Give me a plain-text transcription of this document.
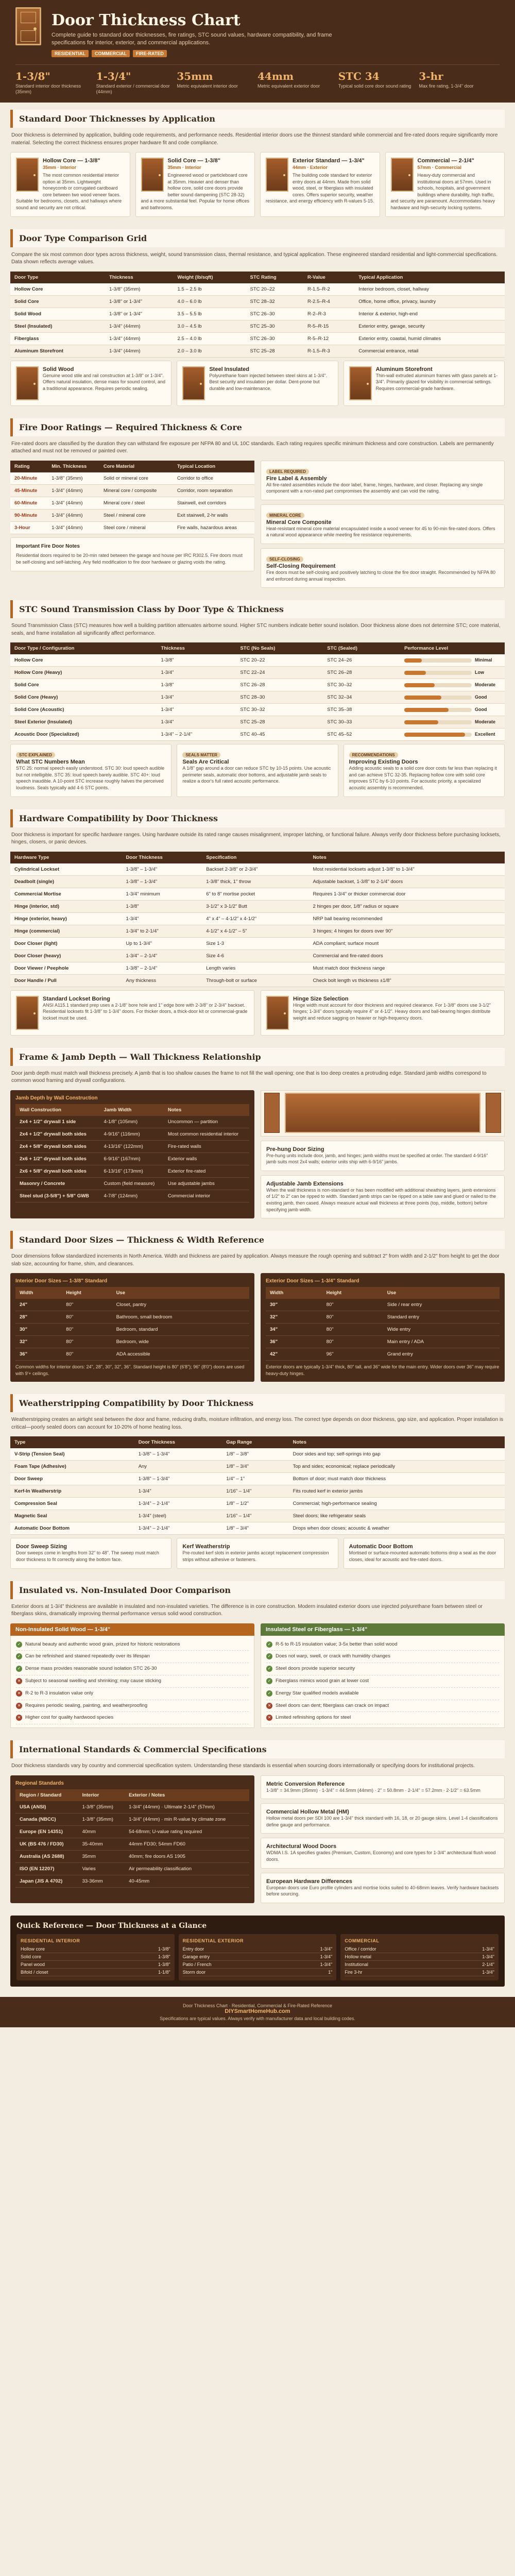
Door Thickness Chart
Complete guide to standard door thicknesses, fire ratings, STC sound values, hardware compatibility, and frame specifications for interior, exterior, and commercial applications.
RESIDENTIAL	COMMERCIAL	FIRE-RATED
1-3/8"
Standard interior door thickness (35mm)
1-3/4"
Standard exterior / commercial door (44mm)
35mm
Metric equivalent interior door
44mm
Metric equivalent exterior door
STC 34
Typical solid core door sound rating
3-hr
Max fire rating, 1-3/4" door
Standard Door Thicknesses by Application
Door thickness is determined by application, building code requirements, and performance needs. Residential interior doors use the thinnest standard while commercial and fire-rated doors require significantly more material. Selecting the correct thickness ensures proper hardware fit and code compliance.
Hollow Core — 1-3/8"
35mm · Interior

The most common residential interior option at 35mm. Lightweight honeycomb or corrugated cardboard core between two wood veneer faces. Suitable for bedrooms, closets, and hallways where sound and security are not critical.

Solid Core — 1-3/8"
35mm · Interior

Engineered wood or particleboard core at 35mm. Heavier and denser than hollow core, solid core doors provide better sound dampening (STC 28-32) and a more substantial feel. Popular for home offices and bathrooms.

Exterior Standard — 1-3/4"
44mm · Exterior

The building code standard for exterior entry doors at 44mm. Made from solid wood, steel, or fiberglass with insulated cores. Offers superior security, weather resistance, and energy efficiency with R-values 5-15.

Commercial — 2-1/4"
57mm · Commercial

Heavy-duty commercial and institutional doors at 57mm. Used in schools, hospitals, and government buildings where durability, high traffic, and security are paramount. Accommodates heavy hardware and high-security locking systems.

Door Type Comparison Grid
Compare the six most common door types across thickness, weight, sound transmission class, thermal resistance, and typical application. These engineered standard residential and light-commercial specifications. Data shown reflects average values.
Door Type	Thickness	Weight (lb/sqft)	STC Rating	R-Value	Typical Application
Hollow Core	1-3/8" (35mm)	1.5 – 2.5 lb	STC 20–22	R-1.5–R-2	Interior bedroom, closet, hallway
Solid Core	1-3/8" or 1-3/4"	4.0 – 6.0 lb	STC 28–32	R-2.5–R-4	Office, home office, privacy, laundry
Solid Wood	1-3/8" or 1-3/4"	3.5 – 5.5 lb	STC 26–30	R-2–R-3	Interior & exterior, high-end
Steel (Insulated)	1-3/4" (44mm)	3.0 – 4.5 lb	STC 25–30	R-5–R-15	Exterior entry, garage, security
Fiberglass	1-3/4" (44mm)	2.5 – 4.0 lb	STC 26–30	R-5–R-12	Exterior entry, coastal, humid climates
Aluminum Storefront	1-3/4" (44mm)	2.0 – 3.0 lb	STC 25–28	R-1.5–R-3	Commercial entrance, retail
Solid Wood

Genuine wood stile and rail construction at 1-3/8" or 1-3/4". Offers natural insulation, dense mass for sound control, and a traditional appearance. Requires periodic sealing.

Steel Insulated

Polyurethane foam injected between steel skins at 1-3/4". Best security and insulation per dollar. Dent-prone but durable and low-maintenance.

Aluminum Storefront

Thin-wall extruded aluminum frames with glass panels at 1-3/4". Primarily glazed for visibility in commercial settings. Requires commercial-grade hardware.

Fire Door Ratings — Required Thickness & Core
Fire-rated doors are classified by the duration they can withstand fire exposure per NFPA 80 and UL 10C standards. Each rating requires specific minimum thickness and core construction. Labels are permanently attached and must not be removed or painted over.
Rating	Min. Thickness	Core Material	Typical Location
20-Minute	1-3/8" (35mm)	Solid or mineral core	Corridor to office
45-Minute	1-3/4" (44mm)	Mineral core / composite	Corridor, room separation
60-Minute	1-3/4" (44mm)	Mineral core / steel	Stairwell, exit corridors
90-Minute	1-3/4" (44mm)	Steel / mineral core	Exit stairwell, 2-hr walls
3-Hour	1-3/4" (44mm)	Steel core / mineral	Fire walls, hazardous areas
Important Fire Door Notes
Residential doors required to be 20-min rated between the garage and house per IRC R302.5. Fire doors must be self-closing and self-latching. Any field modification to fire door hardware or glazing voids the rating.
LABEL REQUIRED
Fire Label & Assembly

All fire-rated assemblies include the door label, frame, hinges, hardware, and closer. Replacing any single component with a non-rated part compromises the assembly and can void the rating.

MINERAL CORE
Mineral Core Composite

Heat-resistant mineral core material encapsulated inside a wood veneer for 45 to 90-min fire-rated doors. Offers a natural wood appearance while meeting fire resistance requirements.

SELF-CLOSING
Self-Closing Requirement

Fire doors must be self-closing and positively latching to close the fire door straight. Recommended by NFPA 80 and enforced during annual inspection.

STC Sound Transmission Class by Door Type & Thickness
Sound Transmission Class (STC) measures how well a building partition attenuates airborne sound. Higher STC numbers indicate better sound isolation. Door thickness alone does not determine STC; core material, seals, and frame installation all significantly affect performance.
Door Type / Configuration	Thickness	STC (No Seals)	STC (Sealed)	Performance Level
Hollow Core	1-3/8"	STC 20–22	STC 24–26	Minimal

Hollow Core (Heavy)	1-3/4"	STC 22–24	STC 26–28	Low

Solid Core	1-3/8"	STC 26–28	STC 30–32	Moderate

Solid Core (Heavy)	1-3/4"	STC 28–30	STC 32–34	Good

Solid Core (Acoustic)	1-3/4"	STC 30–32	STC 35–38	Good

Steel Exterior (Insulated)	1-3/4"	STC 25–28	STC 30–33	Moderate

Acoustic Door (Specialized)	1-3/4" – 2-1/4"	STC 40–45	STC 45–52	Excellent
STC EXPLAINED
What STC Numbers Mean

STC 25: normal speech easily understood. STC 30: loud speech audible but not intelligible. STC 35: loud speech barely audible. STC 40+: loud speech inaudible. A 10-point STC increase roughly halves the perceived loudness. Seals typically add 4-6 STC points.

SEALS MATTER
Seals Are Critical

A 1/8" gap around a door can reduce STC by 10-15 points. Use acoustic perimeter seals, automatic door bottoms, and adjustable jamb seals to realize a door's full rated acoustic performance.

RECOMMENDATIONS
Improving Existing Doors

Adding acoustic seals to a solid core door costs far less than replacing it and can achieve STC 32-35. Replacing hollow core with solid core improves STC by 6-10 points. For acoustic priority, a specialized acoustic assembly is recommended.

Hardware Compatibility by Door Thickness
Door thickness is important for specific hardware ranges. Using hardware outside its rated range causes misalignment, improper latching, or functional failure. Always verify door thickness before purchasing locksets, hinges, closers, or panic devices.
Hardware Type	Door Thickness	Specification	Notes
Cylindrical Lockset	1-3/8" – 1-3/4"	Backset 2-3/8" or 2-3/4"	Most residential locksets adjust 1-3/8" to 1-3/4"
Deadbolt (single)	1-3/8" – 1-3/4"	1-3/8" thick, 1" throw	Adjustable backset, 1-3/8" to 2-1/4" doors
Commercial Mortise	1-3/4" minimum	6" to 8" mortise pocket	Requires 1-3/4" or thicker commercial door
Hinge (interior, std)	1-3/8"	3-1/2" x 3-1/2" Butt	2 hinges per door, 1/8" radius or square
Hinge (exterior, heavy)	1-3/4"	4" x 4" – 4-1/2" x 4-1/2"	NRP ball bearing recommended
Hinge (commercial)	1-3/4" to 2-1/4"	4-1/2" x 4-1/2" – 5"	3 hinges; 4 hinges for doors over 90"
Door Closer (light)	Up to 1-3/4"	Size 1-3	ADA compliant; surface mount
Door Closer (heavy)	1-3/4" – 2-1/4"	Size 4-6	Commercial and fire-rated doors
Door Viewer / Peephole	1-3/8" – 2-1/4"	Length varies	Must match door thickness range
Door Handle / Pull	Any thickness	Through-bolt or surface	Check bolt length vs thickness ±1/8"
Standard Lockset Boring

ANSI A115.1 standard prep uses a 2-1/8" bore hole and 1" edge bore with 2-3/8" or 2-3/4" backset. Residential locksets fit 1-3/8" to 1-3/4" doors. For thicker doors, a thick-door kit or commercial-grade lockset must be used.

Hinge Size Selection

Hinge width must account for door thickness and required clearance. For 1-3/8" doors use 3-1/2" hinges; 1-3/4" doors typically require 4" or 4-1/2". Heavy doors and ball-bearing hinges distribute weight and reduce sagging on heavier or high-frequency doors.

Frame & Jamb Depth — Wall Thickness Relationship
Door jamb depth must match wall thickness precisely. A jamb that is too shallow causes the frame to not fill the wall opening; one that is too deep creates a protruding edge. Standard jamb widths correspond to common wood framing and drywall configurations.
Jamb Depth by Wall Construction
Wall Construction	Jamb Width	Notes
2x4 + 1/2" drywall 1 side	4-1/8" (105mm)	Uncommon — partition
2x4 + 1/2" drywall both sides	4-9/16" (116mm)	Most common residential interior
2x4 + 5/8" drywall both sides	4-13/16" (122mm)	Fire-rated walls
2x6 + 1/2" drywall both sides	6-9/16" (167mm)	Exterior walls
2x6 + 5/8" drywall both sides	6-13/16" (173mm)	Exterior fire-rated
Masonry / Concrete	Custom (field measure)	Use adjustable jambs
Steel stud (3-5/8") + 5/8" GWB	4-7/8" (124mm)	Commercial interior
Pre-hung Door Sizing

Pre-hung units include door, jamb, and hinges; jamb widths must be specified at order. The standard 4-9/16" jamb suits most 2x4 walls; exterior units ship with 6-9/16" jambs.

Adjustable Jamb Extensions

When the wall thickness is non-standard or has been modified with additional sheathing layers, jamb extensions of 1/2" to 2" can be ripped to width. Standard jamb strips can be ripped on a table saw and glued or nailed to the existing jamb, then cased. Always measure actual wall thickness at three points (top, middle, bottom) before specifying jamb width.

Standard Door Sizes — Thickness & Width Reference
Door dimensions follow standardized increments in North America. Width and thickness are paired by application. Always measure the rough opening and subtract 2" from width and 2-1/2" from height to get the door slab size, accounting for frame, shim, and clearances.
Interior Door Sizes — 1-3/8" Standard
Width	Height	Use
24"	80"	Closet, pantry
28"	80"	Bathroom, small bedroom
30"	80"	Bedroom, standard
32"	80"	Bedroom, wide
36"	80"	ADA accessible
Common widths for interior doors: 24", 28", 30", 32", 36". Standard height is 80" (6'8"); 96" (8'0") doors are used with 9'+ ceilings.
Exterior Door Sizes — 1-3/4" Standard
Width	Height	Use
30"	80"	Side / rear entry
32"	80"	Standard entry
34"	80"	Wide entry
36"	80"	Main entry / ADA
42"	96"	Grand entry
Exterior doors are typically 1-3/4" thick, 80" tall, and 36" wide for the main entry. Wider doors over 36" may require heavy-duty hinges.
Weatherstripping Compatibility by Door Thickness
Weatherstripping creates an airtight seal between the door and frame, reducing drafts, moisture infiltration, and energy loss. The correct type depends on door thickness, gap size, and application. Proper installation is critical—poorly sealed doors can account for 10-20% of home heating loss.
Type	Door Thickness	Gap Range	Notes
V-Strip (Tension Seal)	1-3/8" – 1-3/4"	1/8" – 3/8"	Door sides and top; self-springs into gap
Foam Tape (Adhesive)	Any	1/8" – 3/4"	Top and sides; economical; replace periodically
Door Sweep	1-3/8" – 1-3/4"	1/4" – 1"	Bottom of door; must match door thickness
Kerf-In Weatherstrip	1-3/4"	1/16" – 1/4"	Fits routed kerf in exterior jambs
Compression Seal	1-3/4" – 2-1/4"	1/8" – 1/2"	Commercial; high-performance sealing
Magnetic Seal	1-3/4" (steel)	1/16" – 1/4"	Steel doors; like refrigerator seals
Automatic Door Bottom	1-3/4" – 2-1/4"	1/8" – 3/4"	Drops when door closes; acoustic & weather
Door Sweep Sizing

Door sweeps come in lengths from 32" to 48". The sweep must match door thickness to fit correctly along the bottom face.

Kerf Weatherstrip

Pre-routed kerf slots in exterior jambs accept replacement compression strips without adhesive or fasteners.

Automatic Door Bottom

Mortised or surface-mounted automatic bottoms drop a seal as the door closes, ideal for acoustic and fire-rated doors.

Insulated vs. Non-Insulated Door Comparison
Exterior doors at 1-3/4" thickness are available in insulated and non-insulated varieties. The difference is in core construction. Modern insulated exterior doors use injected polyurethane foam between steel or fiberglass skins, dramatically improving thermal performance versus solid wood construction.
Non-Insulated Solid Wood — 1-3/4"
✓ Natural beauty and authentic wood grain, prized for historic restorations
✓ Can be refinished and stained repeatedly over its lifespan
✓ Dense mass provides reasonable sound isolation STC 26-30
✕ Subject to seasonal swelling and shrinking; may cause sticking
✕ R-2 to R-3 insulation value only
✕ Requires periodic sealing, painting, and weatherproofing
✕ Higher cost for quality hardwood species
Insulated Steel or Fiberglass — 1-3/4"
✓ R-5 to R-15 insulation value; 3-5x better than solid wood
✓ Does not warp, swell, or crack with humidity changes
✓ Steel doors provide superior security
✓ Fiberglass mimics wood grain at lower cost
✓ Energy Star qualified models available
✕ Steel doors can dent; fiberglass can crack on impact
✕ Limited refinishing options for steel
International Standards & Commercial Specifications
Door thickness standards vary by country and commercial specification system. Understanding these standards is essential when sourcing doors internationally or specifying doors for institutional projects.
Regional Standards
Region / Standard	Interior	Exterior / Notes
USA (ANSI)	1-3/8" (35mm)	1-3/4" (44mm) · Ultimate 2-1/4" (57mm)
Canada (NBCC)	1-3/8" (35mm)	1-3/4" (44mm) · min R-value by climate zone
Europe (EN 14351)	40mm	54-68mm; U-value rating required
UK (BS 476 / FD30)	35-40mm	44mm FD30; 54mm FD60
Australia (AS 2688)	35mm	40mm; fire doors AS 1905
ISO (EN 12207)	Varies	Air permeability classification
Japan (JIS A 4702)	33-36mm	40-45mm
Metric Conversion Reference

1-3/8" = 34.9mm (35mm) · 1-3/4" = 44.5mm (44mm) · 2" = 50.8mm · 2-1/4" = 57.2mm · 2-1/2" = 63.5mm

Commercial Hollow Metal (HM)

Hollow metal doors per SDI 100 are 1-3/4" thick standard with 16, 18, or 20 gauge skins. Level 1-4 classifications define gauge and performance.

Architectural Wood Doors

WDMA I.S. 1A specifies grades (Premium, Custom, Economy) and core types for 1-3/4" architectural flush wood doors.

European Hardware Differences

European doors use Euro profile cylinders and mortise locks suited to 40-68mm leaves. Verify hardware backsets before sourcing.

Quick Reference — Door Thickness at a Glance
RESIDENTIAL INTERIOR
Hollow core	1-3/8"
Solid core	1-3/8"
Panel wood	1-3/8"
Bifold / closet	1-1/8"
RESIDENTIAL EXTERIOR
Entry door	1-3/4"
Garage entry	1-3/4"
Patio / French	1-3/4"
Storm door	1"
COMMERCIAL
Office / corridor	1-3/4"
Hollow metal	1-3/4"
Institutional	2-1/4"
Fire 3-hr	1-3/4"
Door Thickness Chart · Residential, Commercial & Fire-Rated Reference
DIYSmartHomeHub.com
Specifications are typical values. Always verify with manufacturer data and local building codes.
